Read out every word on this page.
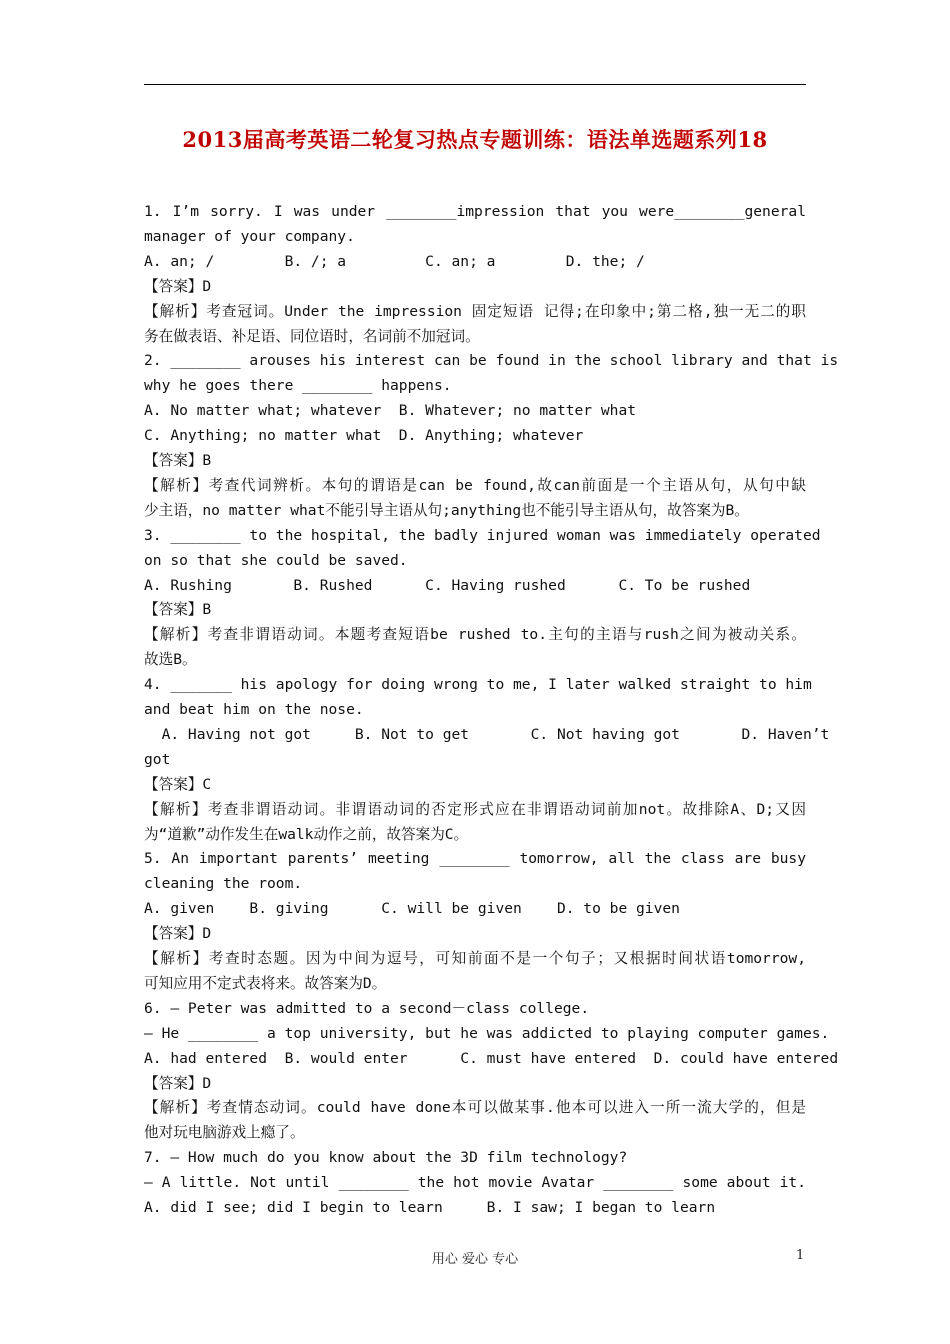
2013届高考英语二轮复习热点专题训练：语法单选题系列18
1. I’m sorry. I was under ________impression that you were________general
manager of your company.
A. an; /        B. /; a         C. an; a        D. the; /
【答案】D
【解析】考查冠词。Under the impression 固定短语 记得;在印象中;第二格,独一无二的职
务在做表语、补足语、同位语时，名词前不加冠词。
2. ________ arouses his interest can be found in the school library and that is
why he goes there ________ happens.
A. No matter what; whatever  B. Whatever; no matter what
C. Anything; no matter what  D. Anything; whatever
【答案】B
【解析】考查代词辨析。本句的谓语是can be found,故can前面是一个主语从句，从句中缺
少主语，no matter what不能引导主语从句;anything也不能引导主语从句，故答案为B。
3. ________ to the hospital, the badly injured woman was immediately operated
on so that she could be saved.
A. Rushing       B. Rushed      C. Having rushed      C. To be rushed
【答案】B
【解析】考查非谓语动词。本题考查短语be rushed to.主句的主语与rush之间为被动关系。
故选B。
4. _______ his apology for doing wrong to me, I later walked straight to him
and beat him on the nose.
A. Having not got     B. Not to get       C. Not having got       D. Haven’t
got
【答案】C
【解析】考查非谓语动词。非谓语动词的否定形式应在非谓语动词前加not。故排除A、D;又因
为“道歉”动作发生在walk动作之前，故答案为C。
5. An important parents’ meeting ________ tomorrow, all the class are busy
cleaning the room.
A. given    B. giving      C. will be given    D. to be given
【答案】D
【解析】考查时态题。因为中间为逗号，可知前面不是一个句子；又根据时间状语tomorrow,
可知应用不定式表将来。故答案为D。
6. — Peter was admitted to a second－class college.
— He ________ a top university, but he was addicted to playing computer games.
A. had entered  B. would enter      C. must have entered  D. could have entered
【答案】D
【解析】考查情态动词。could have done本可以做某事.他本可以进入一所一流大学的，但是
他对玩电脑游戏上瘾了。
7. — How much do you know about the 3D film technology?
— A little. Not until ________ the hot movie Avatar ________ some about it.
A. did I see; did I begin to learn     B. I saw; I began to learn
用心 爱心 专心	1
